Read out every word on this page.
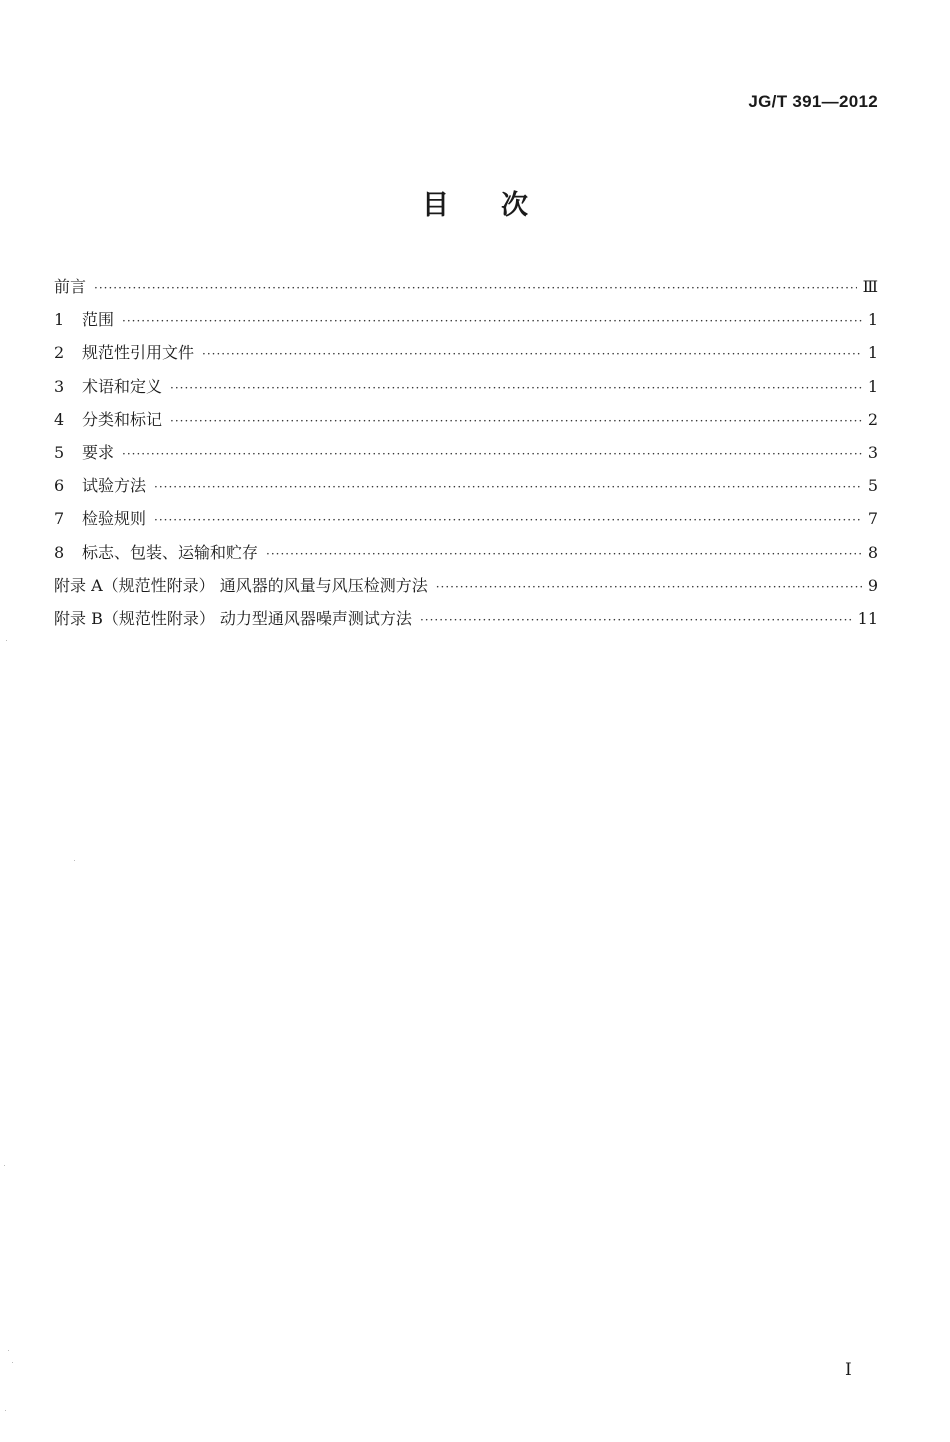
JG/T 391—2012
目次
前言 ·····	Ⅲ
1	范围 ·····	1
2	规范性引用文件 ·····	1
3	术语和定义 ·····	1
4	分类和标记 ·····	2
5	要求 ·····	3
6	试验方法 ·····	5
7	检验规则 ·····	7
8	标志、包装、运输和贮存 ·····	8
附录 A（规范性附录） 通风器的风量与风压检测方法 ·····	9
附录 B（规范性附录） 动力型通风器噪声测试方法 ·····	11
I
